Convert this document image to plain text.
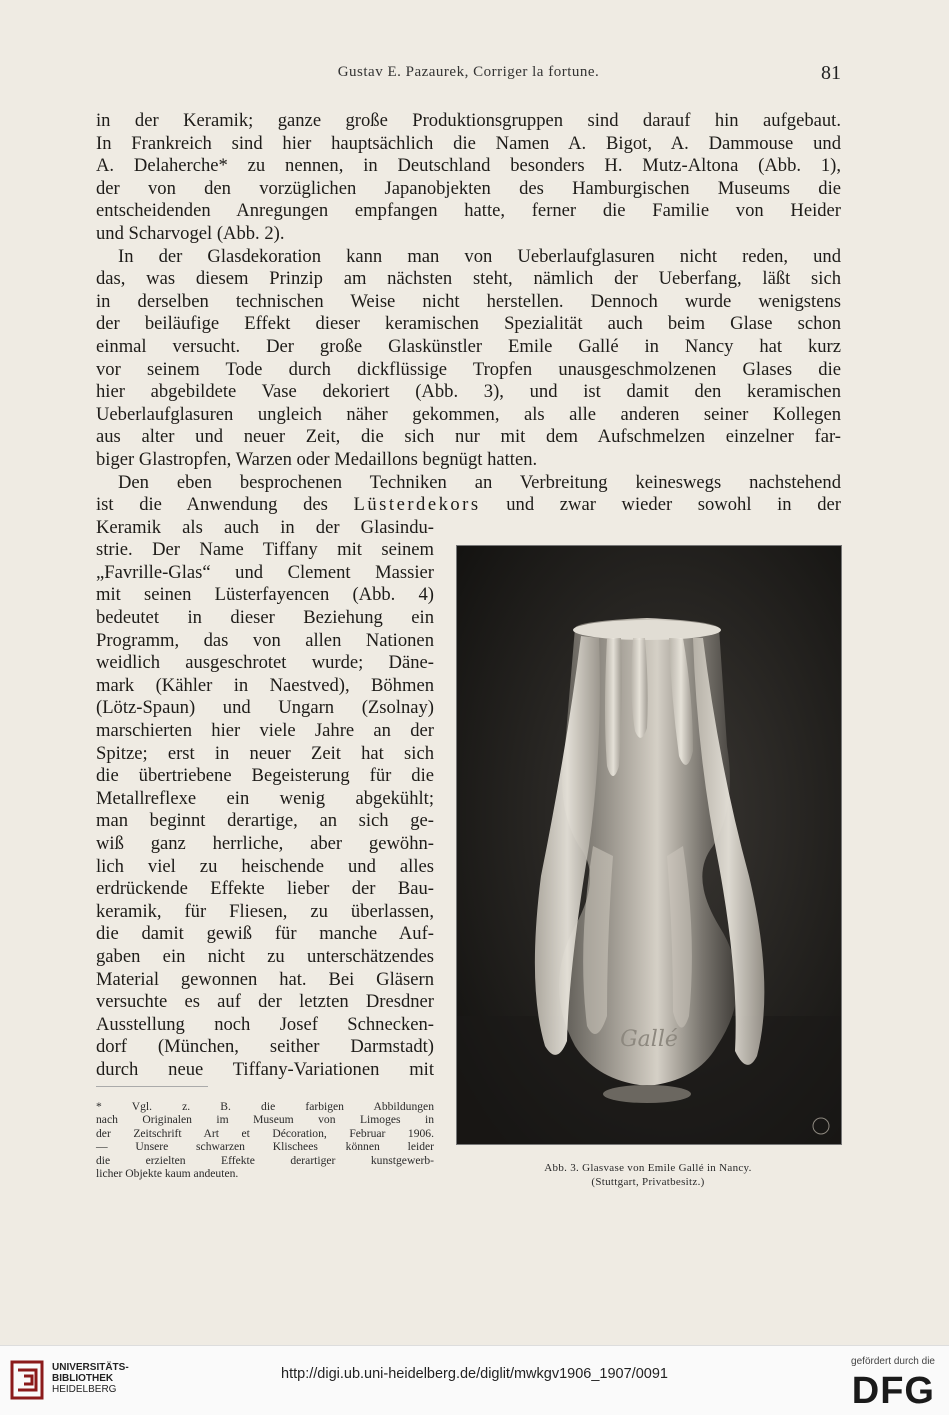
Gustav E. Pazaurek, Corriger la fortune.	81
in der Keramik; ganze große Produktionsgruppen sind darauf hin aufgebaut.
In Frankreich sind hier hauptsächlich die Namen A. Bigot, A. Dammouse und
A. Delaherche* zu nennen, in Deutschland besonders H. Mutz-Altona (Abb. 1),
der von den vorzüglichen Japanobjekten des Hamburgischen Museums die
entscheidenden Anregungen empfangen hatte, ferner die Familie von Heider
und Scharvogel (Abb. 2).
In der Glasdekoration kann man von Ueberlaufglasuren nicht reden, und
das, was diesem Prinzip am nächsten steht, nämlich der Ueberfang, läßt sich
in derselben technischen Weise nicht herstellen. Dennoch wurde wenigstens
der beiläufige Effekt dieser keramischen Spezialität auch beim Glase schon
einmal versucht. Der große Glaskünstler Emile Gallé in Nancy hat kurz
vor seinem Tode durch dickflüssige Tropfen unausgeschmolzenen Glases die
hier abgebildete Vase dekoriert (Abb. 3), und ist damit den keramischen
Ueberlaufglasuren ungleich näher gekommen, als alle anderen seiner Kollegen
aus alter und neuer Zeit, die sich nur mit dem Aufschmelzen einzelner far-
biger Glastropfen, Warzen oder Medaillons begnügt hatten.
Den eben besprochenen Techniken an Verbreitung keineswegs nachstehend
ist die Anwendung des Lüsterdekors und zwar wieder sowohl in der
Keramik als auch in der Glasindu-
strie. Der Name Tiffany mit seinem
„Favrille-Glas“ und Clement Massier
mit seinen Lüsterfayencen (Abb. 4)
bedeutet in dieser Beziehung ein
Programm, das von allen Nationen
weidlich ausgeschrotet wurde; Däne-
mark (Kähler in Naestved), Böhmen
(Lötz-Spaun) und Ungarn (Zsolnay)
marschierten hier viele Jahre an der
Spitze; erst in neuer Zeit hat sich
die übertriebene Begeisterung für die
Metallreflexe ein wenig abgekühlt;
man beginnt derartige, an sich ge-
wiß ganz herrliche, aber gewöhn-
lich viel zu heischende und alles
erdrückende Effekte lieber der Bau-
keramik, für Fliesen, zu überlassen,
die damit gewiß für manche Auf-
gaben ein nicht zu unterschätzendes
Material gewonnen hat. Bei Gläsern
versuchte es auf der letzten Dresdner
Ausstellung noch Josef Schnecken-
dorf (München, seither Darmstadt)
durch neue Tiffany-Variationen mit
Gallé
Abb. 3. Glasvase von Emile Gallé in Nancy.
(Stuttgart, Privatbesitz.)
* Vgl. z. B. die farbigen Abbildungen
nach Originalen im Museum von Limoges in
der Zeitschrift Art et Décoration, Februar 1906.
— Unsere schwarzen Klischees können leider
die erzielten Effekte derartiger kunstgewerb-
licher Objekte kaum andeuten.
UNIVERSITÄTS-
BIBLIOTHEK
HEIDELBERG
http://digi.ub.uni-heidelberg.de/diglit/mwkgv1906_1907/0091
gefördert durch die
DFG
